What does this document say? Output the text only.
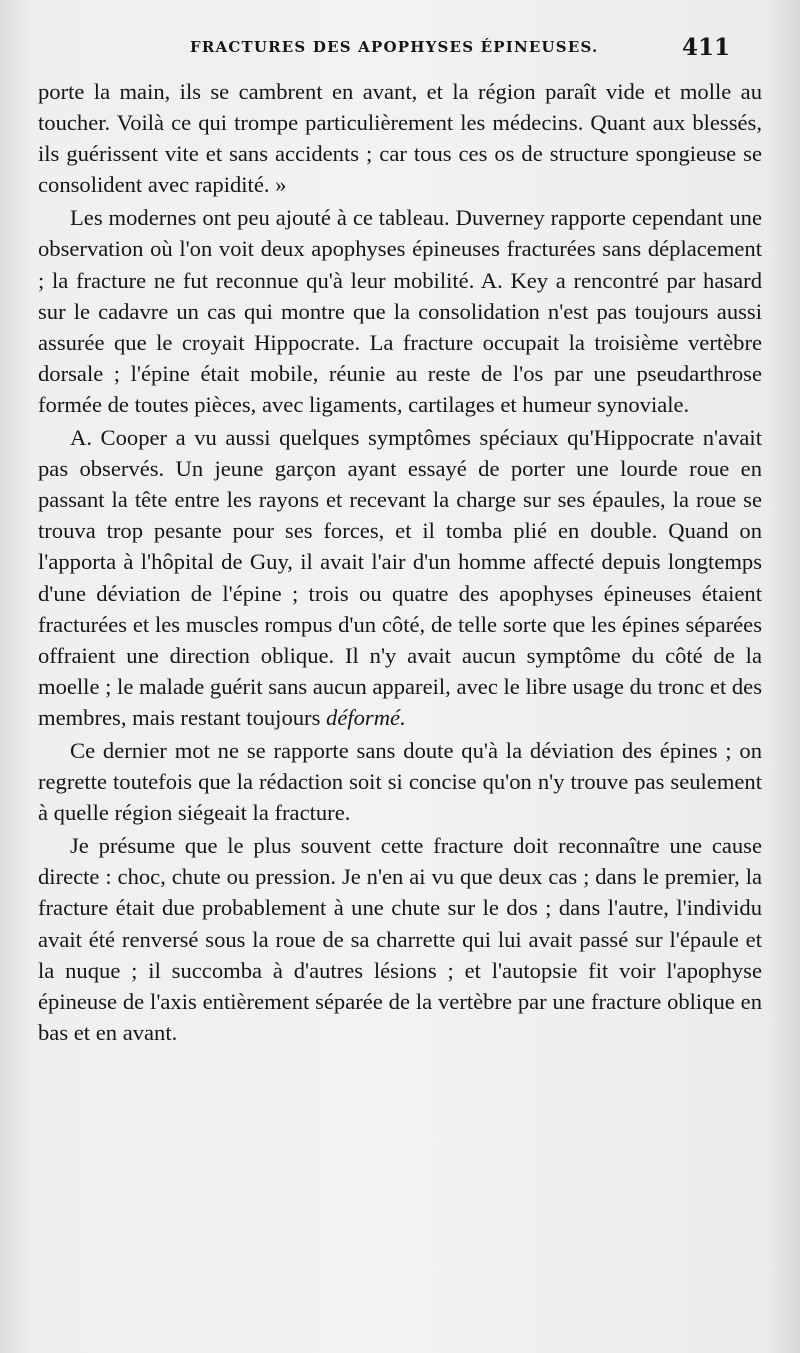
FRACTURES DES APOPHYSES ÉPINEUSES.	411

porte la main, ils se cambrent en avant, et la région paraît vide et molle au toucher. Voilà ce qui trompe particulièrement les médecins. Quant aux blessés, ils guérissent vite et sans accidents ; car tous ces os de structure spongieuse se consolident avec rapidité. »

Les modernes ont peu ajouté à ce tableau. Duverney rapporte cependant une observation où l'on voit deux apophyses épineuses fracturées sans déplacement ; la fracture ne fut reconnue qu'à leur mobilité. A. Key a rencontré par hasard sur le cadavre un cas qui montre que la consolidation n'est pas toujours aussi assurée que le croyait Hippocrate. La fracture occupait la troisième vertèbre dorsale ; l'épine était mobile, réunie au reste de l'os par une pseudarthrose formée de toutes pièces, avec ligaments, cartilages et humeur synoviale.

A. Cooper a vu aussi quelques symptômes spéciaux qu'Hippocrate n'avait pas observés. Un jeune garçon ayant essayé de porter une lourde roue en passant la tête entre les rayons et recevant la charge sur ses épaules, la roue se trouva trop pesante pour ses forces, et il tomba plié en double. Quand on l'apporta à l'hôpital de Guy, il avait l'air d'un homme affecté depuis longtemps d'une déviation de l'épine ; trois ou quatre des apophyses épineuses étaient fracturées et les muscles rompus d'un côté, de telle sorte que les épines séparées offraient une direction oblique. Il n'y avait aucun symptôme du côté de la moelle ; le malade guérit sans aucun appareil, avec le libre usage du tronc et des membres, mais restant toujours déformé.

Ce dernier mot ne se rapporte sans doute qu'à la déviation des épines ; on regrette toutefois que la rédaction soit si concise qu'on n'y trouve pas seulement à quelle région siégeait la fracture.

Je présume que le plus souvent cette fracture doit reconnaître une cause directe : choc, chute ou pression. Je n'en ai vu que deux cas ; dans le premier, la fracture était due probablement à une chute sur le dos ; dans l'autre, l'individu avait été renversé sous la roue de sa charrette qui lui avait passé sur l'épaule et la nuque ; il succomba à d'autres lésions ; et l'autopsie fit voir l'apophyse épineuse de l'axis entièrement séparée de la vertèbre par une fracture oblique en bas et en avant.
